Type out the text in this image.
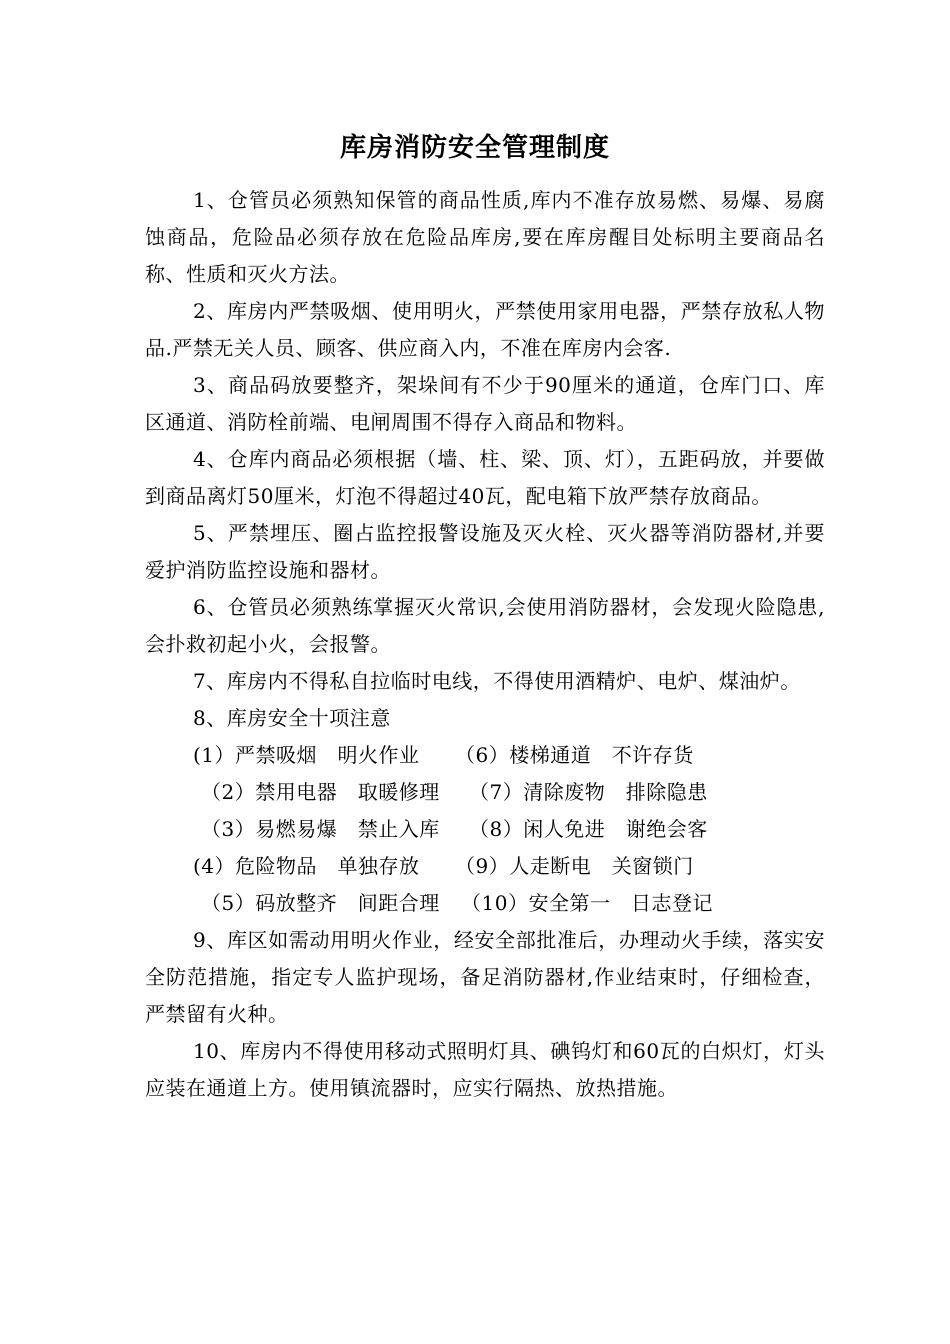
库房消防安全管理制度

1、仓管员必须熟知保管的商品性质,库内不准存放易燃、易爆、易腐蚀商品，危险品必须存放在危险品库房,要在库房醒目处标明主要商品名称、性质和灭火方法。

2、库房内严禁吸烟、使用明火，严禁使用家用电器，严禁存放私人物品.严禁无关人员、顾客、供应商入内，不准在库房内会客.

3、商品码放要整齐，架垛间有不少于90厘米的通道，仓库门口、库区通道、消防栓前端、电闸周围不得存入商品和物料。

4、仓库内商品必须根据（墙、柱、梁、顶、灯），五距码放，并要做到商品离灯50厘米，灯泡不得超过40瓦，配电箱下放严禁存放商品。

5、严禁埋压、圈占监控报警设施及灭火栓、灭火器等消防器材,并要爱护消防监控设施和器材。

6、仓管员必须熟练掌握灭火常识,会使用消防器材，会发现火险隐患,会扑救初起小火，会报警。

7、库房内不得私自拉临时电线，不得使用酒精炉、电炉、煤油炉。

8、库房安全十项注意

(1）严禁吸烟　明火作业	（6）楼梯通道　不许存货
（2）禁用电器　取暖修理	（7）清除废物　排除隐患
（3）易燃易爆　禁止入库	（8）闲人免进　谢绝会客
(4）危险物品　单独存放	（9）人走断电　关窗锁门
（5）码放整齐　间距合理	（10）安全第一　日志登记

9、库区如需动用明火作业，经安全部批准后，办理动火手续，落实安全防范措施，指定专人监护现场，备足消防器材,作业结束时，仔细检查，严禁留有火种。

10、库房内不得使用移动式照明灯具、碘钨灯和60瓦的白炽灯，灯头应装在通道上方。使用镇流器时，应实行隔热、放热措施。
